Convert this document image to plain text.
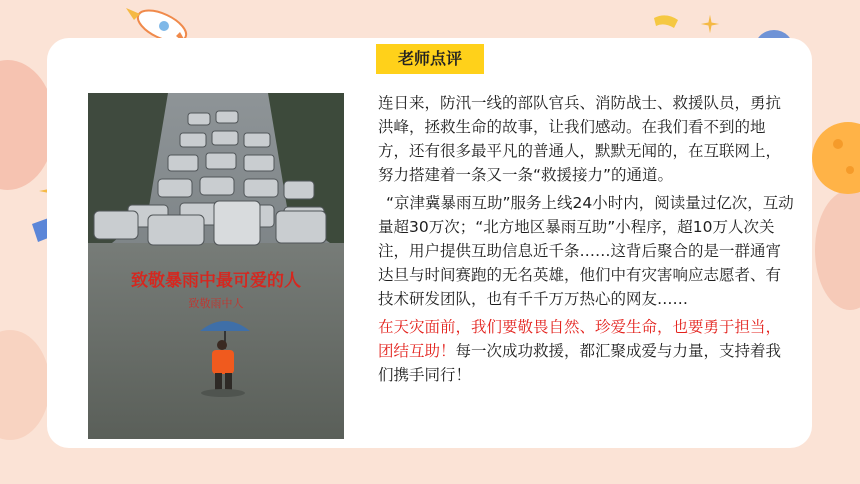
老师点评
致敬暴雨中最可爱的人
致敬雨中人

连日来，防汛一线的部队官兵、消防战士、救援队员，勇抗洪峰，拯救生命的故事，让我们感动。在我们看不到的地方，还有很多最平凡的普通人，默默无闻的，在互联网上，努力搭建着一条又一条“救援接力”的通道。

“京津冀暴雨互助”服务上线24小时内，阅读量过亿次，互动量超30万次；“北方地区暴雨互助”小程序，超10万人次关注，用户提供互助信息近千条……这背后聚合的是一群通宵达旦与时间赛跑的无名英雄，他们中有灾害响应志愿者、有技术研发团队，也有千千万万热心的网友……

在天灾面前，我们要敬畏自然、珍爱生命，也要勇于担当，团结互助！每一次成功救援，都汇聚成爱与力量，支持着我们携手同行！
